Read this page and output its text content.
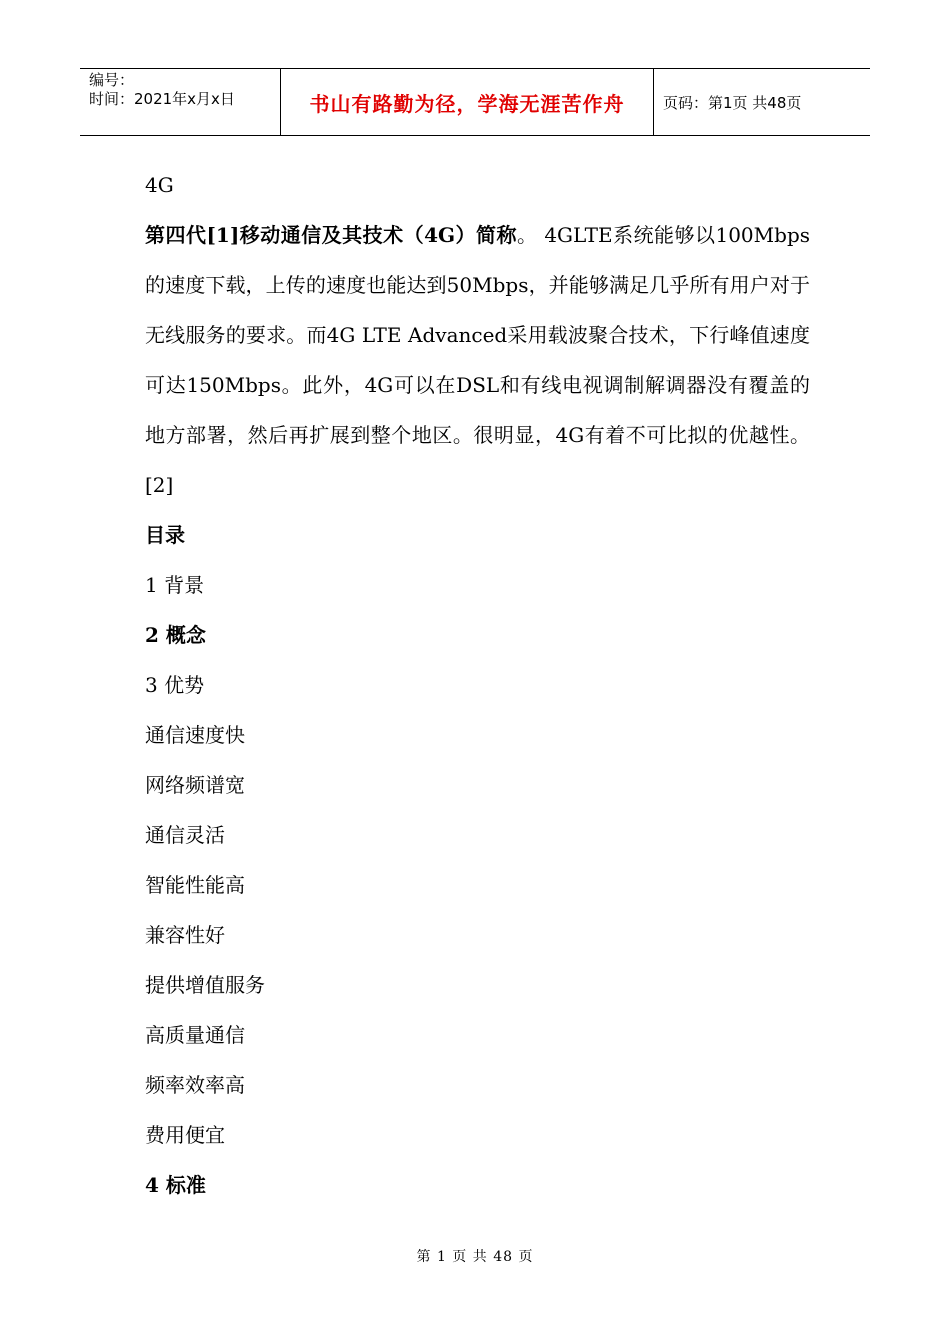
编号：
时间：2021年x月x日	书山有路勤为径，学海无涯苦作舟	页码：第1页 共48页

4G

第四代[1]移动通信及其技术（4G）简称。 4GLTE系统能够以100Mbps的速度下载，上传的速度也能达到50Mbps，并能够满足几乎所有用户对于无线服务的要求。而4G LTE Advanced采用载波聚合技术，下行峰值速度可达150Mbps。此外，4G可以在DSL和有线电视调制解调器没有覆盖的地方部署，然后再扩展到整个地区。很明显，4G有着不可比拟的优越性。[2]

目录

1 背景

2 概念

3 优势

通信速度快

网络频谱宽

通信灵活

智能性能高

兼容性好

提供增值服务

高质量通信

频率效率高

费用便宜

4 标准

第 1 页 共 48 页
